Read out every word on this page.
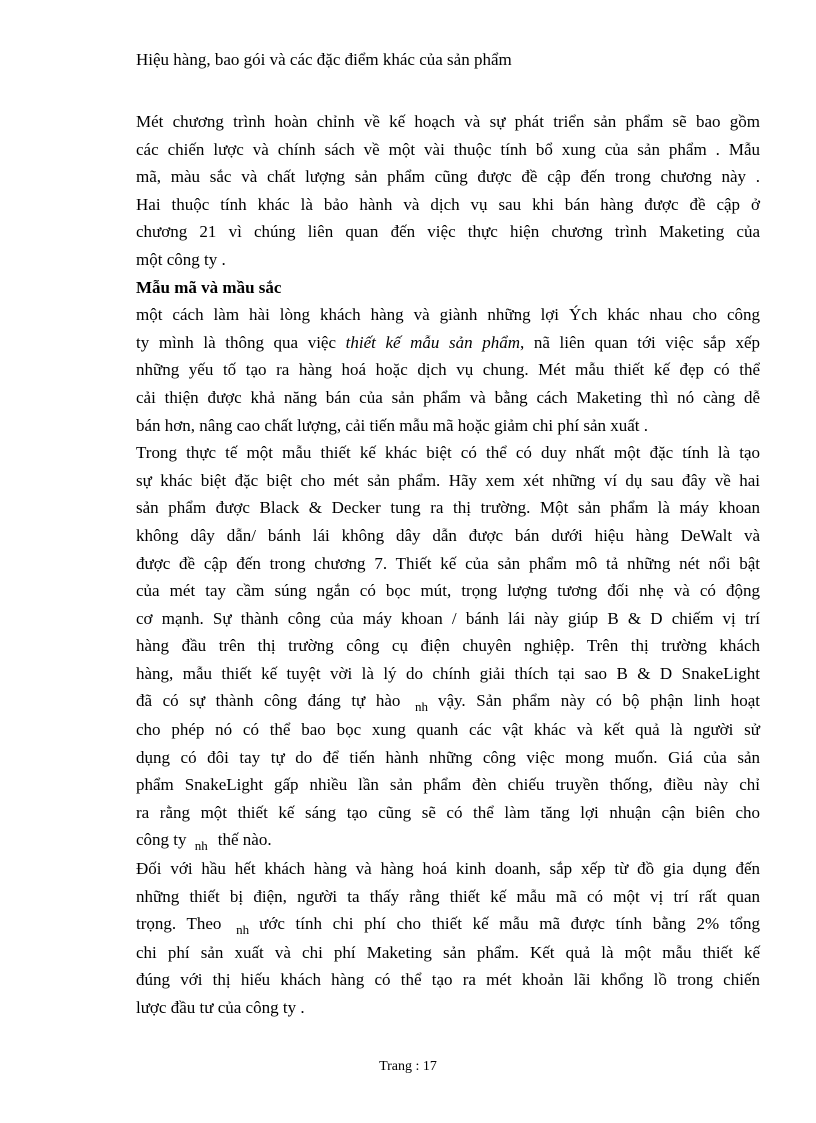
Hiệu hàng, bao gói và các đặc điểm khác của sản phẩm
Mét chương trình hoàn chỉnh về kế hoạch và sự phát triển sản phẩm sẽ bao gồm
các chiến lược và chính sách về một vài thuộc tính bổ xung của sản phẩm . Mẫu
mã, màu sắc và chất lượng sản phẩm cũng được đề cập đến trong chương này .
Hai thuộc tính khác là bảo hành và dịch vụ sau khi bán hàng được đề cập ở
chương 21 vì chúng liên quan đến việc thực hiện chương trình Maketing của
một công ty .
Mẫu mã và mầu sắc
một cách làm hài lòng khách hàng và giành những lợi Ých khác nhau cho công
ty mình là thông qua việc thiết kế mẫu sản phẩm, nã liên quan tới việc sắp xếp
những yếu tố tạo ra hàng hoá hoặc dịch vụ chung. Mét mẫu thiết kế đẹp có thể
cải thiện được khả năng bán của sản phẩm và bằng cách Maketing thì nó càng dễ
bán hơn, nâng cao chất lượng, cải tiến mẫu mã hoặc giảm chi phí sản xuất .
Trong thực tế một mẫu thiết kế khác biệt có thể có duy nhất một đặc tính là tạo
sự khác biệt đặc biệt cho mét sản phẩm. Hãy xem xét những ví dụ sau đây về hai
sản phẩm được Black & Decker tung ra thị trường. Một sản phẩm là máy khoan
không dây dẫn/ bánh lái không dây dẫn được bán dưới hiệu hàng DeWalt và
được đề cập đến trong chương 7. Thiết kế của sản phẩm mô tả những nét nổi bật
của mét tay cầm súng ngắn có bọc mút, trọng lượng tương đối nhẹ và có động
cơ mạnh. Sự thành công của máy khoan / bánh lái này giúp B & D chiếm vị trí
hàng đầu trên thị trường công cụ điện chuyên nghiệp. Trên thị trường khách
hàng, mẫu thiết kế tuyệt vời là lý do chính giải thích tại sao B & D SnakeLight
đã có sự thành công đáng tự hào $_{nh}$ vậy. Sản phẩm này có bộ phận linh hoạt
cho phép nó có thể bao bọc xung quanh các vật khác và kết quả là người sử
dụng có đôi tay tự do để tiến hành những công việc mong muốn. Giá của sản
phẩm SnakeLight gấp nhiều lần sản phẩm đèn chiếu truyền thống, điều này chỉ
ra rằng một thiết kế sáng tạo cũng sẽ có thể làm tăng lợi nhuận cận biên cho
công ty $_{nh}$ thế nào.
Đối với hầu hết khách hàng và hàng hoá kinh doanh, sắp xếp từ đồ gia dụng đến
những thiết bị điện, người ta thấy rằng thiết kế mẫu mã có một vị trí rất quan
trọng. Theo $_{nh}$ ước tính chi phí cho thiết kế mẫu mã được tính bằng 2% tổng
chi phí sản xuất và chi phí Maketing sản phẩm. Kết quả là một mẫu thiết kế
đúng với thị hiếu khách hàng có thể tạo ra mét khoản lãi khổng lồ trong chiến
lược đầu tư của công ty .
Trang : 17
